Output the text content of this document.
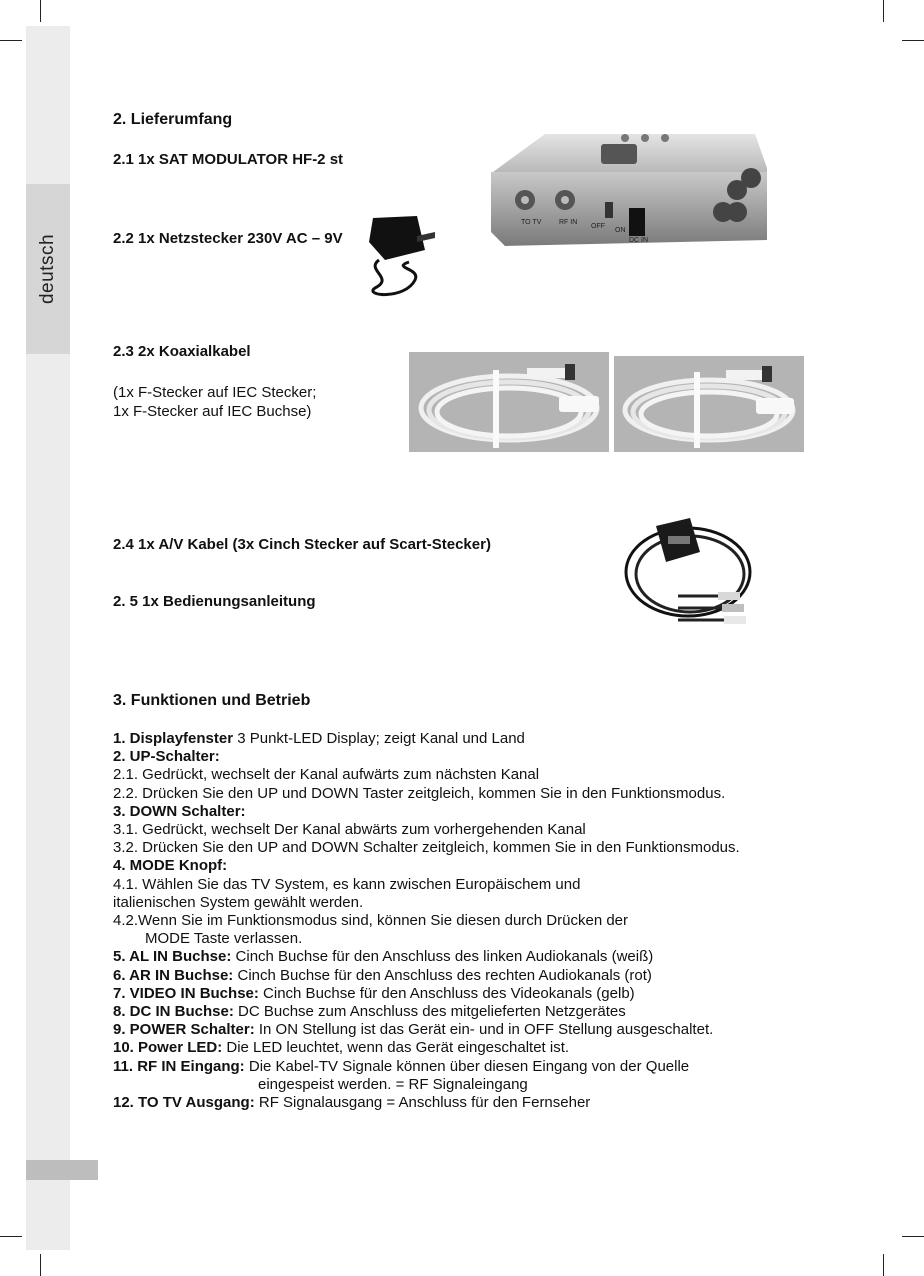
deutsch
2. Lieferumfang
2.1 1x SAT MODULATOR HF-2 st
2.2 1x Netzstecker 230V AC – 9V
2.3 2x Koaxialkabel
(1x F-Stecker auf IEC Stecker;
1x F-Stecker auf IEC Buchse)
2.4 1x A/V Kabel (3x Cinch Stecker auf Scart-Stecker)
2. 5 1x Bedienungsanleitung
TO TV	RF IN
OFF
ON
DC IN
3. Funktionen und Betrieb
1. Displayfenster 3 Punkt-LED Display; zeigt Kanal und Land
2. UP-Schalter:
2.1. Gedrückt, wechselt der Kanal aufwärts zum nächsten Kanal
2.2. Drücken Sie den UP und DOWN Taster zeitgleich, kommen Sie in den Funktionsmodus.
3. DOWN Schalter:
3.1. Gedrückt, wechselt Der Kanal abwärts zum vorhergehenden Kanal
3.2. Drücken Sie den UP and DOWN Schalter zeitgleich, kommen Sie in den Funktionsmodus.
4. MODE Knopf:
4.1. Wählen Sie das TV System, es kann zwischen Europäischem und
italienischen System gewählt werden.
4.2.Wenn Sie im Funktionsmodus sind, können Sie diesen durch Drücken der
MODE Taste verlassen.
5. AL IN Buchse: Cinch Buchse für den Anschluss des linken Audiokanals (weiß)
6. AR IN Buchse: Cinch Buchse für den Anschluss des rechten Audiokanals (rot)
7. VIDEO IN Buchse: Cinch Buchse für den Anschluss des Videokanals (gelb)
8. DC IN Buchse: DC Buchse zum Anschluss des mitgelieferten Netzgerätes
9. POWER Schalter: In ON Stellung ist das Gerät ein- und in OFF Stellung ausgeschaltet.
10. Power LED: Die LED leuchtet, wenn das Gerät eingeschaltet ist.
11. RF IN Eingang: Die Kabel-TV Signale können über diesen Eingang von der Quelle
eingespeist werden. = RF Signaleingang
12. TO TV Ausgang: RF Signalausgang = Anschluss für den Fernseher
